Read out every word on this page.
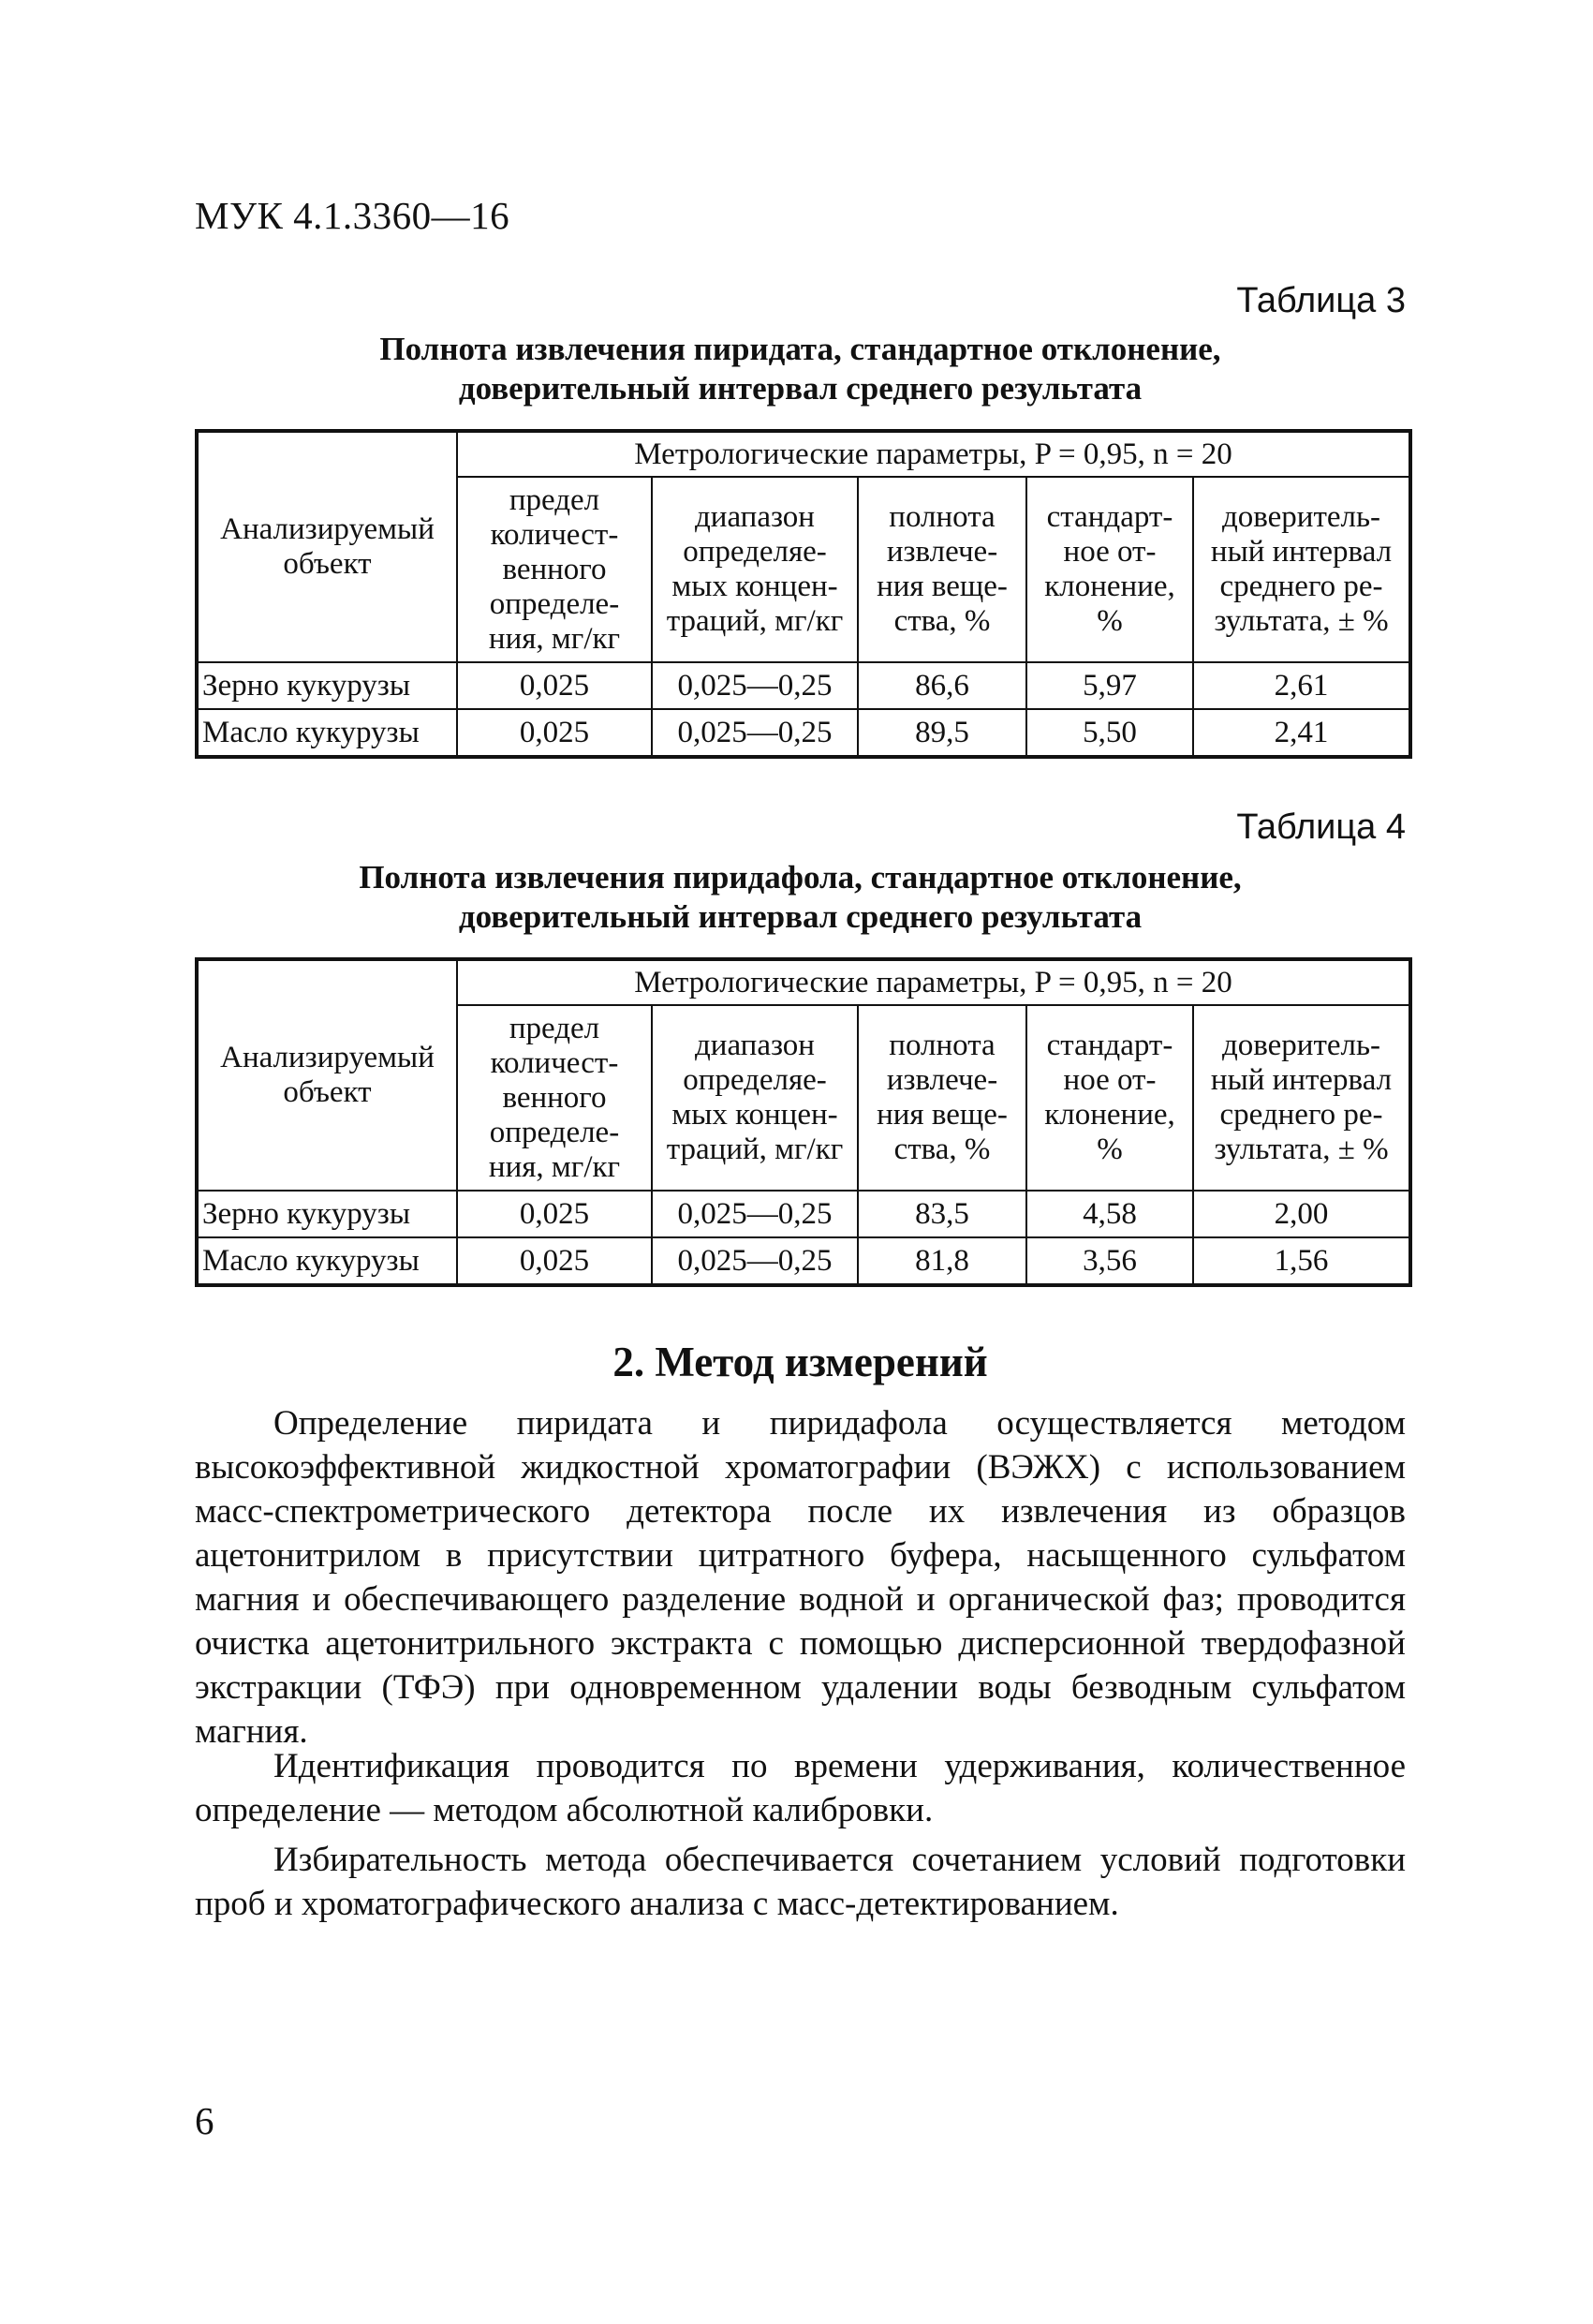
МУК 4.1.3360—16
Таблица 3
Полнота извлечения пиридата, стандартное отклонение,
доверительный интервал среднего результата
Анализируемый объект	Метрологические параметры, P = 0,95, n = 20				
	предел количест- венного определе- ния, мг/кг	диапазон определяе- мых концен- траций, мг/кг	полнота извлече- ния веще- ства, %	стандарт- ное от- клонение, %	доверитель- ный интервал среднего ре- зультата, ± %
Зерно кукурузы	0,025	0,025—0,25	86,6	5,97	2,61
Масло кукурузы	0,025	0,025—0,25	89,5	5,50	2,41
Таблица 4
Полнота извлечения пиридафола, стандартное отклонение,
доверительный интервал среднего результата
Анализируемый объект	Метрологические параметры, P = 0,95, n = 20				
	предел количест- венного определе- ния, мг/кг	диапазон определяе- мых концен- траций, мг/кг	полнота извлече- ния веще- ства, %	стандарт- ное от- клонение, %	доверитель- ный интервал среднего ре- зультата, ± %
Зерно кукурузы	0,025	0,025—0,25	83,5	4,58	2,00
Масло кукурузы	0,025	0,025—0,25	81,8	3,56	1,56
2. Метод измерений

Определение пиридата и пиридафола осуществляется методом высокоэффективной жидкостной хроматографии (ВЭЖХ) с использованием масс-спектрометрического детектора после их извлечения из образцов ацетонитрилом в присутствии цитратного буфера, насыщенного сульфатом магния и обеспечивающего разделение водной и органической фаз; проводится очистка ацетонитрильного экстракта с помощью дисперсионной твердофазной экстракции (ТФЭ) при одновременном удалении воды безводным сульфатом магния.

Идентификация проводится по времени удерживания, количественное определение — методом абсолютной калибровки.

Избирательность метода обеспечивается сочетанием условий подготовки проб и хроматографического анализа с масс-детектированием.

6
